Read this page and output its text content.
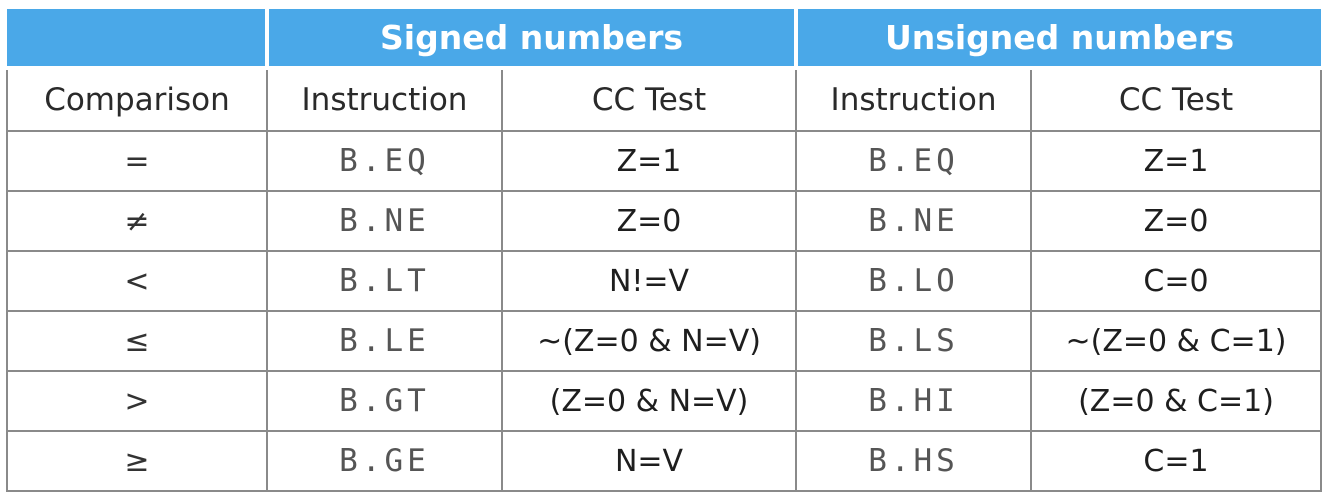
	Signed numbers		Unsigned numbers	
Comparison	Instruction	CC Test	Instruction	CC Test
=	B.EQ	Z=1	B.EQ	Z=1
≠	B.NE	Z=0	B.NE	Z=0
<	B.LT	N!=V	B.LO	C=0
≤	B.LE	~(Z=0 & N=V)	B.LS	~(Z=0 & C=1)
>	B.GT	(Z=0 & N=V)	B.HI	(Z=0 & C=1)
≥	B.GE	N=V	B.HS	C=1
